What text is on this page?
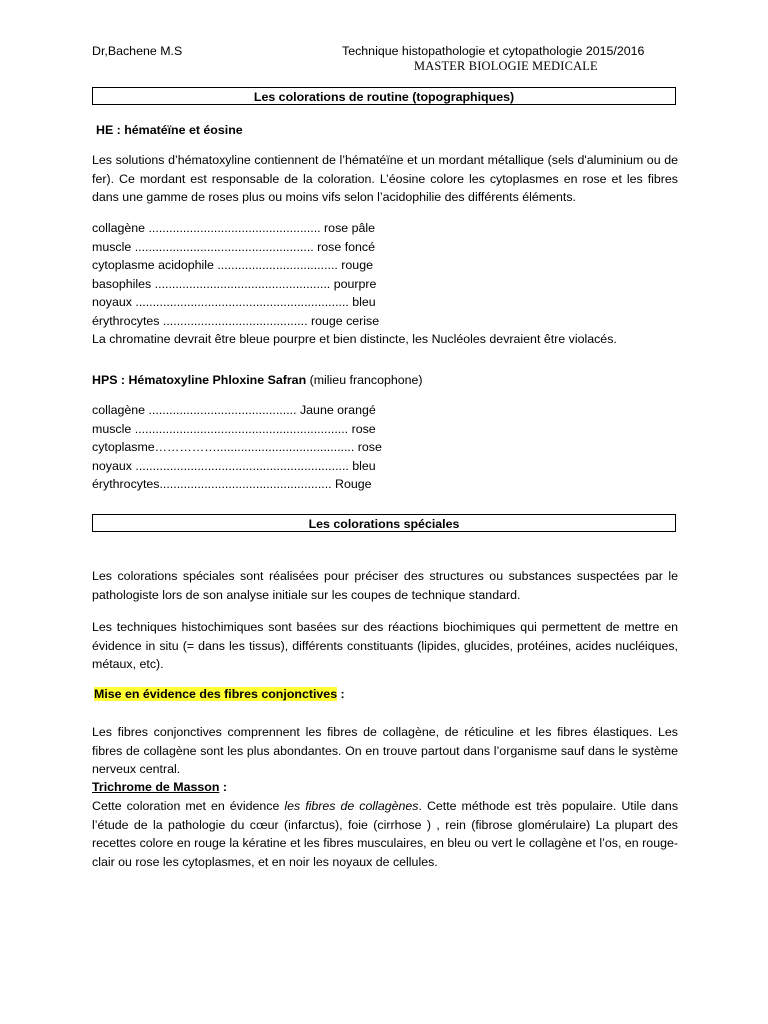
Dr,Bachene M.S	Technique histopathologie et cytopathologie 2015/2016
MASTER BIOLOGIE MEDICALE
Les colorations de routine (topographiques)
HE : hématéïne et éosine

Les solutions d’hématoxyline contiennent de l’hématéïne et un mordant métallique (sels d'aluminium ou de fer). Ce mordant est responsable de la coloration. L’éosine colore les cytoplasmes en rose et les fibres dans une gamme de roses plus ou moins vifs selon l’acidophilie des différents éléments.

collagène .................................................. rose pâle
muscle .................................................... rose foncé
cytoplasme acidophile ................................... rouge
basophiles ................................................... pourpre
noyaux .............................................................. bleu
érythrocytes .......................................... rouge cerise
La chromatine devrait être bleue pourpre et bien distincte, les Nucléoles devraient être violacés.
HPS : Hématoxyline Phloxine Safran (milieu francophone)
collagène ........................................... Jaune orangé
muscle .............................................................. rose
cytoplasme……………........................................ rose
noyaux .............................................................. bleu
érythrocytes.................................................. Rouge
Les colorations spéciales

Les colorations spéciales sont réalisées pour préciser des structures ou substances suspectées par le pathologiste lors de son analyse initiale sur les coupes de technique standard.

Les techniques histochimiques sont basées sur des réactions biochimiques qui permettent de mettre en évidence in situ (= dans les tissus), différents constituants (lipides, glucides, protéines, acides nucléiques, métaux, etc).

Mise en évidence des fibres conjonctives :

Les fibres conjonctives comprennent les fibres de collagène, de réticuline et les fibres élastiques. Les fibres de collagène sont les plus abondantes. On en trouve partout dans l’organisme sauf dans le système nerveux central.

Trichrome de Masson :

Cette coloration met en évidence les fibres de collagènes. Cette méthode est très populaire. Utile dans l’étude de la pathologie du cœur (infarctus), foie (cirrhose ) , rein (fibrose glomérulaire) La plupart des recettes colore en rouge la kératine et les fibres musculaires, en bleu ou vert le collagène et l’os, en rouge-clair ou rose les cytoplasmes, et en noir les noyaux de cellules.
